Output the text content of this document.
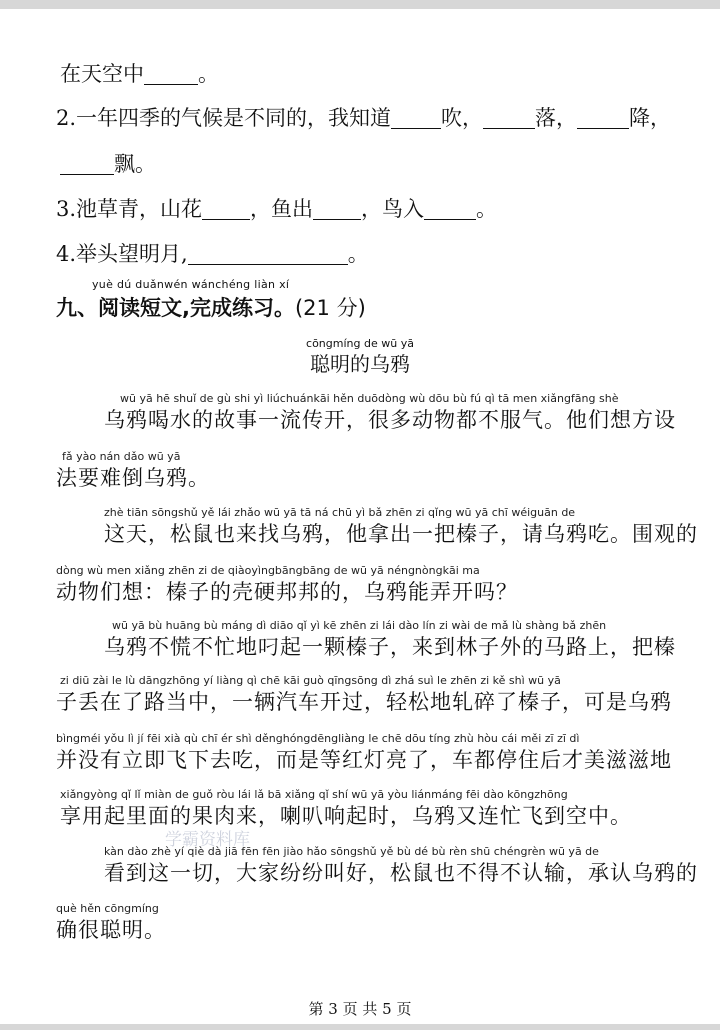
在天空中	。
2.一年四季的气候是不同的，我知道 吹， 落， 降，
飘。
3.池草青，山花 ，鱼出 ，鸟入 。
4.举头望明月,	。
yuè dú duǎnwén wánchéng liàn xí
九、阅读短文,完成练习。(21 分)
cōngmíng de wū yā
聪明的乌鸦
wū yā hē shuǐ de gù shi yì liúchuánkāi hěn duōdòng wù dōu bù fú qì tā men xiǎngfāng shè
乌鸦喝水的故事一流传开，很多动物都不服气。他们想方设
fǎ yào nán dǎo wū yā
法要难倒乌鸦。
zhè tiān sōngshǔ yě lái zhǎo wū yā tā ná chū yì bǎ zhēn zi qǐng wū yā chī wéiguān de
这天，松鼠也来找乌鸦，他拿出一把榛子，请乌鸦吃。围观的
dòng wù men xiǎng zhēn zi de qiàoyìngbāngbāng de wū yā néngnòngkāi ma
动物们想：榛子的壳硬邦邦的，乌鸦能弄开吗？
wū yā bù huāng bù máng dì diāo qǐ yì kē zhēn zi lái dào lín zi wài de mǎ lù shàng bǎ zhēn
乌鸦不慌不忙地叼起一颗榛子，来到林子外的马路上，把榛
zi diū zài le lù dāngzhōng yí liàng qì chē kāi guò qīngsōng dì zhá suì le zhēn zi kě shì wū yā
子丢在了路当中，一辆汽车开过，轻松地轧碎了榛子，可是乌鸦
bìngméi yǒu lì jí fēi xià qù chī ér shì děnghóngdēngliàng le chē dōu tíng zhù hòu cái měi zī zī dì
并没有立即飞下去吃，而是等红灯亮了，车都停住后才美滋滋地
xiǎngyòng qǐ lǐ miàn de guǒ ròu lái lǎ bā xiǎng qǐ shí wū yā yòu liánmáng fēi dào kōngzhōng
享用起里面的果肉来，喇叭响起时，乌鸦又连忙飞到空中。
kàn dào zhè yí qiè dà jiā fēn fēn jiào hǎo sōngshǔ yě bù dé bù rèn shū chéngrèn wū yā de
看到这一切，大家纷纷叫好，松鼠也不得不认输，承认乌鸦的
què hěn cōngmíng
确很聪明。
学霸资料库
第 3 页 共 5 页
